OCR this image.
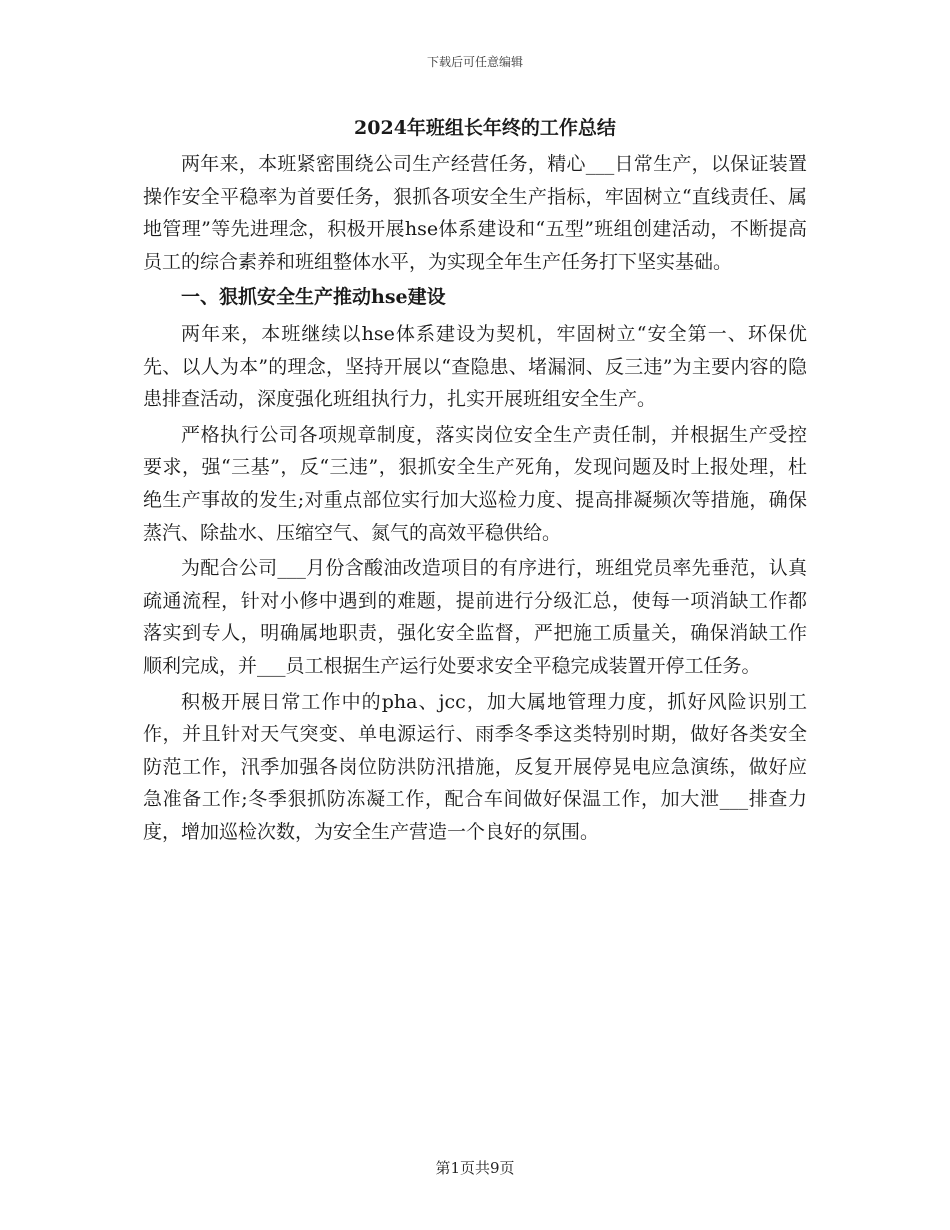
下载后可任意编辑
2024年班组长年终的工作总结

两年来，本班紧密围绕公司生产经营任务，精心___日常生产，以保证装置操作安全平稳率为首要任务，狠抓各项安全生产指标，牢固树立“直线责任、属地管理”等先进理念，积极开展hse体系建设和“五型”班组创建活动，不断提高员工的综合素养和班组整体水平，为实现全年生产任务打下坚实基础。

一、狠抓安全生产推动hse建设

两年来，本班继续以hse体系建设为契机，牢固树立“安全第一、环保优先、以人为本”的理念，坚持开展以“查隐患、堵漏洞、反三违”为主要内容的隐患排查活动，深度强化班组执行力，扎实开展班组安全生产。

严格执行公司各项规章制度，落实岗位安全生产责任制，并根据生产受控要求，强“三基”，反“三违”，狠抓安全生产死角，发现问题及时上报处理，杜绝生产事故的发生;对重点部位实行加大巡检力度、提高排凝频次等措施，确保蒸汽、除盐水、压缩空气、氮气的高效平稳供给。

为配合公司___月份含酸油改造项目的有序进行，班组党员率先垂范，认真疏通流程，针对小修中遇到的难题，提前进行分级汇总，使每一项消缺工作都落实到专人，明确属地职责，强化安全监督，严把施工质量关，确保消缺工作顺利完成，并___员工根据生产运行处要求安全平稳完成装置开停工任务。

积极开展日常工作中的pha、jcc，加大属地管理力度，抓好风险识别工作，并且针对天气突变、单电源运行、雨季冬季这类特别时期，做好各类安全防范工作，汛季加强各岗位防洪防汛措施，反复开展停晃电应急演练，做好应急准备工作;冬季狠抓防冻凝工作，配合车间做好保温工作，加大泄___排查力度，增加巡检次数，为安全生产营造一个良好的氛围。

第1页共9页
